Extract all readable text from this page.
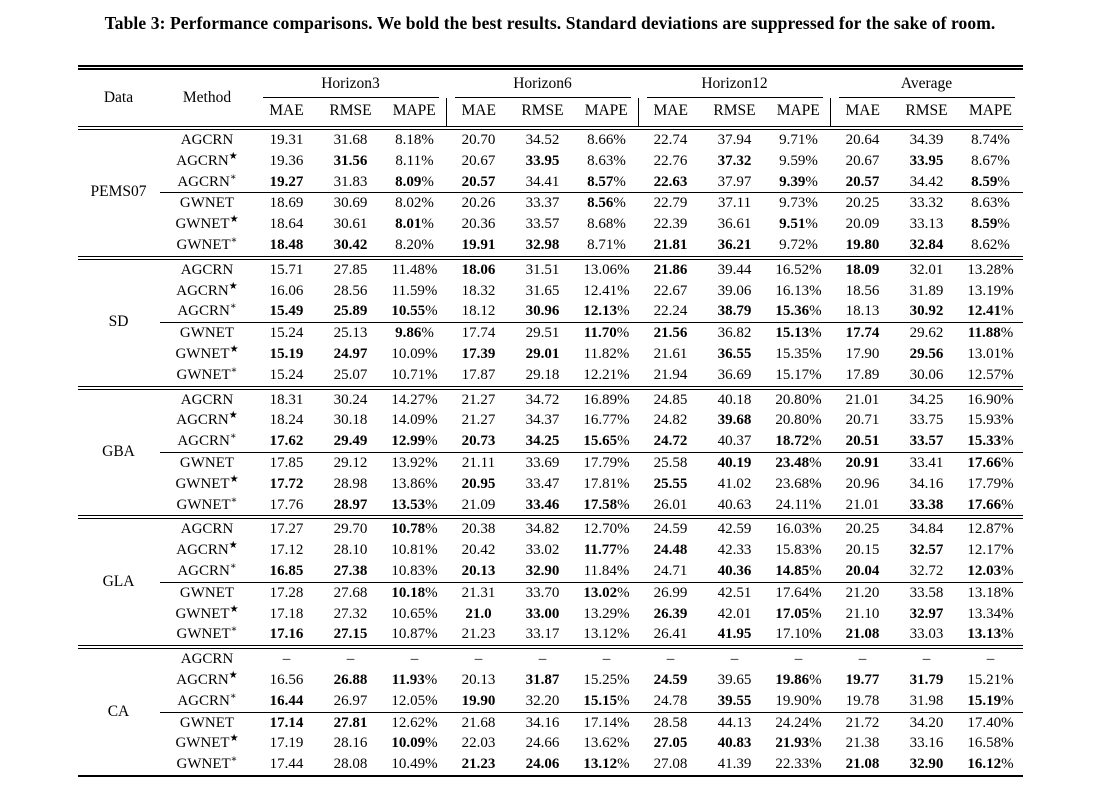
Table 3: Performance comparisons. We bold the best results. Standard deviations are suppressed for the sake of room.
Data	Method	Horizon3			Horizon6			Horizon12			Average		

		MAE	RMSE	MAPE	MAE	RMSE	MAPE	MAE	RMSE	MAPE	MAE	RMSE	MAPE
PEMS07	AGCRN	19.31	31.68	8.18%	20.70	34.52	8.66%	22.74	37.94	9.71%	20.64	34.39	8.74%
	AGCRN★	19.36	31.56	8.11%	20.67	33.95	8.63%	22.76	37.32	9.59%	20.67	33.95	8.67%
	AGCRN∗	19.27	31.83	8.09%	20.57	34.41	8.57%	22.63	37.97	9.39%	20.57	34.42	8.59%
	GWNET	18.69	30.69	8.02%	20.26	33.37	8.56%	22.79	37.11	9.73%	20.25	33.32	8.63%
	GWNET★	18.64	30.61	8.01%	20.36	33.57	8.68%	22.39	36.61	9.51%	20.09	33.13	8.59%
	GWNET∗	18.48	30.42	8.20%	19.91	32.98	8.71%	21.81	36.21	9.72%	19.80	32.84	8.62%
SD	AGCRN	15.71	27.85	11.48%	18.06	31.51	13.06%	21.86	39.44	16.52%	18.09	32.01	13.28%
	AGCRN★	16.06	28.56	11.59%	18.32	31.65	12.41%	22.67	39.06	16.13%	18.56	31.89	13.19%
	AGCRN∗	15.49	25.89	10.55%	18.12	30.96	12.13%	22.24	38.79	15.36%	18.13	30.92	12.41%
	GWNET	15.24	25.13	9.86%	17.74	29.51	11.70%	21.56	36.82	15.13%	17.74	29.62	11.88%
	GWNET★	15.19	24.97	10.09%	17.39	29.01	11.82%	21.61	36.55	15.35%	17.90	29.56	13.01%
	GWNET∗	15.24	25.07	10.71%	17.87	29.18	12.21%	21.94	36.69	15.17%	17.89	30.06	12.57%
GBA	AGCRN	18.31	30.24	14.27%	21.27	34.72	16.89%	24.85	40.18	20.80%	21.01	34.25	16.90%
	AGCRN★	18.24	30.18	14.09%	21.27	34.37	16.77%	24.82	39.68	20.80%	20.71	33.75	15.93%
	AGCRN∗	17.62	29.49	12.99%	20.73	34.25	15.65%	24.72	40.37	18.72%	20.51	33.57	15.33%
	GWNET	17.85	29.12	13.92%	21.11	33.69	17.79%	25.58	40.19	23.48%	20.91	33.41	17.66%
	GWNET★	17.72	28.98	13.86%	20.95	33.47	17.81%	25.55	41.02	23.68%	20.96	34.16	17.79%
	GWNET∗	17.76	28.97	13.53%	21.09	33.46	17.58%	26.01	40.63	24.11%	21.01	33.38	17.66%
GLA	AGCRN	17.27	29.70	10.78%	20.38	34.82	12.70%	24.59	42.59	16.03%	20.25	34.84	12.87%
	AGCRN★	17.12	28.10	10.81%	20.42	33.02	11.77%	24.48	42.33	15.83%	20.15	32.57	12.17%
	AGCRN∗	16.85	27.38	10.83%	20.13	32.90	11.84%	24.71	40.36	14.85%	20.04	32.72	12.03%
	GWNET	17.28	27.68	10.18%	21.31	33.70	13.02%	26.99	42.51	17.64%	21.20	33.58	13.18%
	GWNET★	17.18	27.32	10.65%	21.0	33.00	13.29%	26.39	42.01	17.05%	21.10	32.97	13.34%
	GWNET∗	17.16	27.15	10.87%	21.23	33.17	13.12%	26.41	41.95	17.10%	21.08	33.03	13.13%
CA	AGCRN	–	–	–	–	–	–	–	–	–	–	–	–
	AGCRN★	16.56	26.88	11.93%	20.13	31.87	15.25%	24.59	39.65	19.86%	19.77	31.79	15.21%
	AGCRN∗	16.44	26.97	12.05%	19.90	32.20	15.15%	24.78	39.55	19.90%	19.78	31.98	15.19%
	GWNET	17.14	27.81	12.62%	21.68	34.16	17.14%	28.58	44.13	24.24%	21.72	34.20	17.40%
	GWNET★	17.19	28.16	10.09%	22.03	24.66	13.62%	27.05	40.83	21.93%	21.38	33.16	16.58%
	GWNET∗	17.44	28.08	10.49%	21.23	24.06	13.12%	27.08	41.39	22.33%	21.08	32.90	16.12%
